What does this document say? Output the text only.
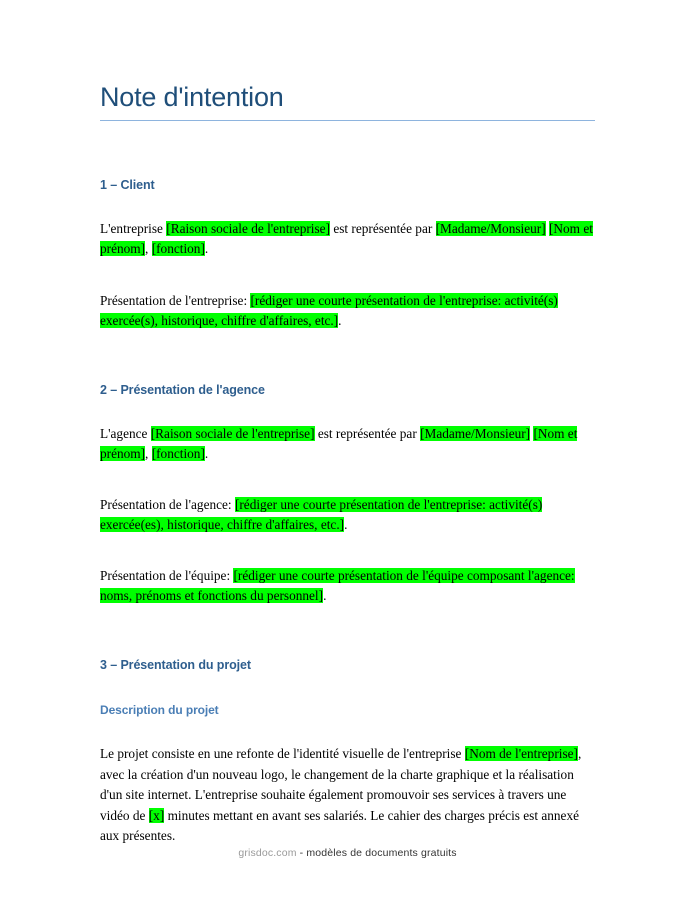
Note d'intention
1 – Client

L'entreprise [Raison sociale de l'entreprise] est représentée par [Madame/Monsieur] [Nom et prénom], [fonction].

Présentation de l'entreprise: [rédiger une courte présentation de l'entreprise: activité(s) exercée(s), historique, chiffre d'affaires, etc.].

2 – Présentation de l'agence

L'agence [Raison sociale de l'entreprise] est représentée par [Madame/Monsieur] [Nom et prénom], [fonction].

Présentation de l'agence: [rédiger une courte présentation de l'entreprise: activité(s) exercée(es), historique, chiffre d'affaires, etc.].

Présentation de l'équipe: [rédiger une courte présentation de l'équipe composant l'agence: noms, prénoms et fonctions du personnel].

3 – Présentation du projet
Description du projet

Le projet consiste en une refonte de l'identité visuelle de l'entreprise [Nom de l'entreprise], avec la création d'un nouveau logo, le changement de la charte graphique et la réalisation d'un site internet. L'entreprise souhaite également promouvoir ses services à travers une vidéo de [x] minutes mettant en avant ses salariés. Le cahier des charges précis est annexé aux présentes.

grisdoc.com - modèles de documents gratuits
